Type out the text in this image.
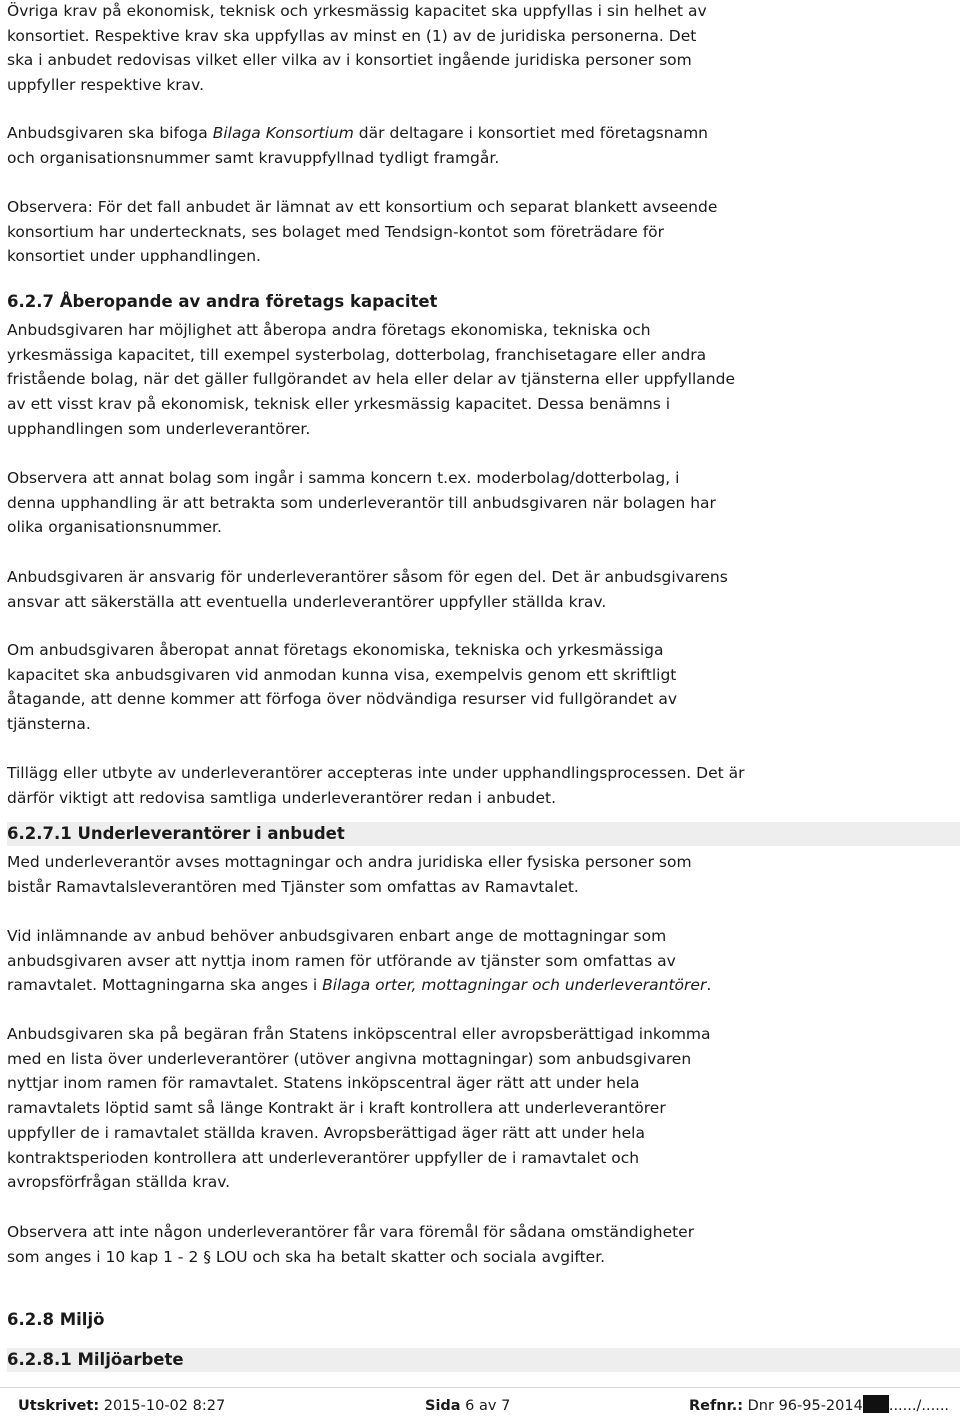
Övriga krav på ekonomisk, teknisk och yrkesmässig kapacitet ska uppfyllas i sin helhet av
konsortiet. Respektive krav ska uppfyllas av minst en (1) av de juridiska personerna. Det
ska i anbudet redovisas vilket eller vilka av i konsortiet ingående juridiska personer som
uppfyller respektive krav.

Anbudsgivaren ska bifoga Bilaga Konsortium där deltagare i konsortiet med företagsnamn
och organisationsnummer samt kravuppfyllnad tydligt framgår.

Observera: För det fall anbudet är lämnat av ett konsortium och separat blankett avseende
konsortium har undertecknats, ses bolaget med Tendsign-kontot som företrädare för
konsortiet under upphandlingen.

6.2.7 Åberopande av andra företags kapacitet

Anbudsgivaren har möjlighet att åberopa andra företags ekonomiska, tekniska och
yrkesmässiga kapacitet, till exempel systerbolag, dotterbolag, franchisetagare eller andra
fristående bolag, när det gäller fullgörandet av hela eller delar av tjänsterna eller uppfyllande
av ett visst krav på ekonomisk, teknisk eller yrkesmässig kapacitet. Dessa benämns i
upphandlingen som underleverantörer.

Observera att annat bolag som ingår i samma koncern t.ex. moderbolag/dotterbolag, i
denna upphandling är att betrakta som underleverantör till anbudsgivaren när bolagen har
olika organisationsnummer.

Anbudsgivaren är ansvarig för underleverantörer såsom för egen del. Det är anbudsgivarens
ansvar att säkerställa att eventuella underleverantörer uppfyller ställda krav.

Om anbudsgivaren åberopat annat företags ekonomiska, tekniska och yrkesmässiga
kapacitet ska anbudsgivaren vid anmodan kunna visa, exempelvis genom ett skriftligt
åtagande, att denne kommer att förfoga över nödvändiga resurser vid fullgörandet av
tjänsterna.

Tillägg eller utbyte av underleverantörer accepteras inte under upphandlingsprocessen. Det är
därför viktigt att redovisa samtliga underleverantörer redan i anbudet.

6.2.7.1 Underleverantörer i anbudet

Med underleverantör avses mottagningar och andra juridiska eller fysiska personer som
bistår Ramavtalsleverantören med Tjänster som omfattas av Ramavtalet.

Vid inlämnande av anbud behöver anbudsgivaren enbart ange de mottagningar som
anbudsgivaren avser att nyttja inom ramen för utförande av tjänster som omfattas av
ramavtalet. Mottagningarna ska anges i Bilaga orter, mottagningar och underleverantörer.

Anbudsgivaren ska på begäran från Statens inköpscentral eller avropsberättigad inkomma
med en lista över underleverantörer (utöver angivna mottagningar) som anbudsgivaren
nyttjar inom ramen för ramavtalet. Statens inköpscentral äger rätt att under hela
ramavtalets löptid samt så länge Kontrakt är i kraft kontrollera att underleverantörer
uppfyller de i ramavtalet ställda kraven. Avropsberättigad äger rätt att under hela
kontraktsperioden kontrollera att underleverantörer uppfyller de i ramavtalet och
avropsförfrågan ställda krav.

Observera att inte någon underleverantörer får vara föremål för sådana omständigheter
som anges i 10 kap 1 - 2 § LOU och ska ha betalt skatter och sociala avgifter.

6.2.8 Miljö
6.2.8.1 Miljöarbete
Utskrivet: 2015-10-02 8:27	Sida 6 av 7	Refnr.: Dnr 96-95-2014 ....../......
